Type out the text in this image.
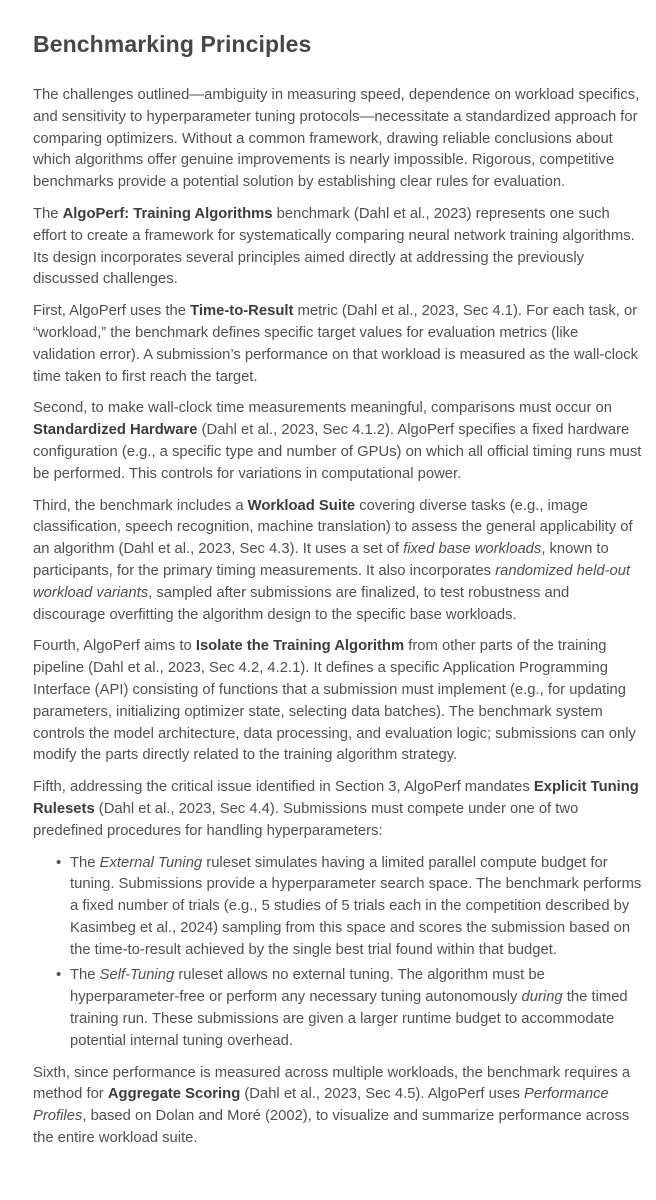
Benchmarking Principles

The challenges outlined—ambiguity in measuring speed, dependence on workload specifics, and sensitivity to hyperparameter tuning protocols—necessitate a standardized approach for comparing optimizers. Without a common framework, drawing reliable conclusions about which algorithms offer genuine improvements is nearly impossible. Rigorous, competitive benchmarks provide a potential solution by establishing clear rules for evaluation.

The AlgoPerf: Training Algorithms benchmark (Dahl et al., 2023) represents one such effort to create a framework for systematically comparing neural network training algorithms. Its design incorporates several principles aimed directly at addressing the previously discussed challenges.

First, AlgoPerf uses the Time-to-Result metric (Dahl et al., 2023, Sec 4.1). For each task, or “workload,” the benchmark defines specific target values for evaluation metrics (like validation error). A submission’s performance on that workload is measured as the wall-clock time taken to first reach the target.

Second, to make wall-clock time measurements meaningful, comparisons must occur on Standardized Hardware (Dahl et al., 2023, Sec 4.1.2). AlgoPerf specifies a fixed hardware configuration (e.g., a specific type and number of GPUs) on which all official timing runs must be performed. This controls for variations in computational power.

Third, the benchmark includes a Workload Suite covering diverse tasks (e.g., image classification, speech recognition, machine translation) to assess the general applicability of an algorithm (Dahl et al., 2023, Sec 4.3). It uses a set of fixed base workloads, known to participants, for the primary timing measurements. It also incorporates randomized held-out workload variants, sampled after submissions are finalized, to test robustness and discourage overfitting the algorithm design to the specific base workloads.

Fourth, AlgoPerf aims to Isolate the Training Algorithm from other parts of the training pipeline (Dahl et al., 2023, Sec 4.2, 4.2.1). It defines a specific Application Programming Interface (API) consisting of functions that a submission must implement (e.g., for updating parameters, initializing optimizer state, selecting data batches). The benchmark system controls the model architecture, data processing, and evaluation logic; submissions can only modify the parts directly related to the training algorithm strategy.

Fifth, addressing the critical issue identified in Section 3, AlgoPerf mandates Explicit Tuning Rulesets (Dahl et al., 2023, Sec 4.4). Submissions must compete under one of two predefined procedures for handling hyperparameters:

• The External Tuning ruleset simulates having a limited parallel compute budget for tuning. Submissions provide a hyperparameter search space. The benchmark performs a fixed number of trials (e.g., 5 studies of 5 trials each in the competition described by Kasimbeg et al., 2024) sampling from this space and scores the submission based on the time-to-result achieved by the single best trial found within that budget.
• The Self-Tuning ruleset allows no external tuning. The algorithm must be hyperparameter-free or perform any necessary tuning autonomously during the timed training run. These submissions are given a larger runtime budget to accommodate potential internal tuning overhead.

Sixth, since performance is measured across multiple workloads, the benchmark requires a method for Aggregate Scoring (Dahl et al., 2023, Sec 4.5). AlgoPerf uses Performance Profiles, based on Dolan and Moré (2002), to visualize and summarize performance across the entire workload suite.
